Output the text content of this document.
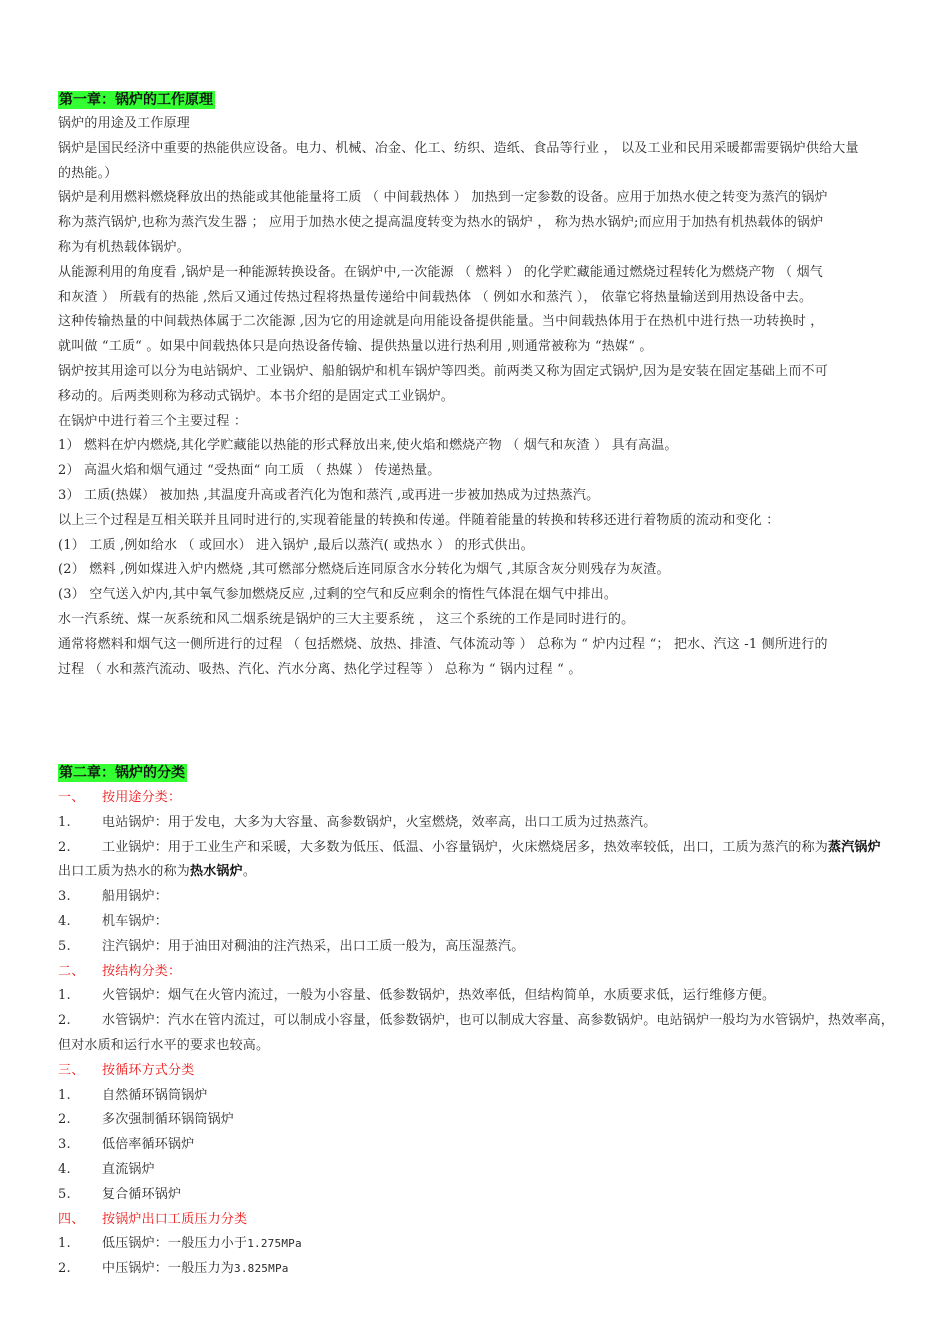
第一章：锅炉的工作原理
锅炉的用途及工作原理
锅炉是国民经济中重要的热能供应设备。电力、机械、冶金、化工、纺织、造纸、食品等行业 ， 以及工业和民用采暖都需要锅炉供给大量
的热能。）
锅炉是利用燃料燃烧释放出的热能或其他能量将工质 （ 中间载热体 ） 加热到一定参数的设备。应用于加热水使之转变为蒸汽的锅炉
称为蒸汽锅炉,也称为蒸汽发生器 ； 应用于加热水使之提高温度转变为热水的锅炉 ， 称为热水锅炉;而应用于加热有机热载体的锅炉
称为有机热载体锅炉。
从能源利用的角度看 ,锅炉是一种能源转换设备。在锅炉中,一次能源 （ 燃料 ） 的化学贮藏能通过燃烧过程转化为燃烧产物 （ 烟气
和灰渣 ） 所载有的热能 ,然后又通过传热过程将热量传递给中间载热体 （ 例如水和蒸汽 ）， 依靠它将热量输送到用热设备中去。
这种传输热量的中间载热体属于二次能源 ,因为它的用途就是向用能设备提供能量。当中间载热体用于在热机中进行热一功转换时 ，
就叫做 “工质“ 。如果中间载热体只是向热设备传输、提供热量以进行热利用 ,则通常被称为 “热媒“ 。
锅炉按其用途可以分为电站锅炉、工业锅炉、船舶锅炉和机车锅炉等四类。前两类又称为固定式锅炉,因为是安装在固定基础上而不可
移动的。后两类则称为移动式锅炉。本书介绍的是固定式工业锅炉。
在锅炉中进行着三个主要过程 ：
1） 燃料在炉内燃烧,其化学贮藏能以热能的形式释放出来,使火焰和燃烧产物 （ 烟气和灰渣 ） 具有高温。
2） 高温火焰和烟气通过 “受热面“ 向工质 （ 热媒 ） 传递热量。
3） 工质(热媒） 被加热 ,其温度升高或者汽化为饱和蒸汽 ,或再进一步被加热成为过热蒸汽。
以上三个过程是互相关联并且同时进行的,实现着能量的转换和传递。伴随着能量的转换和转移还进行着物质的流动和变化 ：
(1） 工质 ,例如给水 （ 或回水） 进入锅炉 ,最后以蒸汽( 或热水 ） 的形式供出。
(2） 燃料 ,例如煤进入炉内燃烧 ,其可燃部分燃烧后连同原含水分转化为烟气 ,其原含灰分则残存为灰渣。
(3） 空气送入炉内,其中氧气参加燃烧反应 ,过剩的空气和反应剩余的惰性气体混在烟气中排出。
水一汽系统、煤一灰系统和风二烟系统是锅炉的三大主要系统 ， 这三个系统的工作是同时进行的。
通常将燃料和烟气这一侧所进行的过程 （ 包括燃烧、放热、排渣、气体流动等 ） 总称为 “ 炉内过程 “； 把水、汽这 -1 侧所进行的
过程 （ 水和蒸汽流动、吸热、汽化、汽水分离、热化学过程等 ） 总称为 “ 锅内过程 “ 。
第二章：锅炉的分类
一、 按用途分类：
1. 电站锅炉：用于发电，大多为大容量、高参数锅炉，火室燃烧，效率高，出口工质为过热蒸汽。
2. 工业锅炉：用于工业生产和采暖，大多数为低压、低温、小容量锅炉，火床燃烧居多，热效率较低，出口，工质为蒸汽的称为蒸汽锅炉
出口工质为热水的称为热水锅炉。
3. 船用锅炉：
4. 机车锅炉：
5. 注汽锅炉：用于油田对稠油的注汽热采，出口工质一般为，高压湿蒸汽。
二、 按结构分类：
1. 火管锅炉：烟气在火管内流过，一般为小容量、低参数锅炉，热效率低，但结构简单，水质要求低，运行维修方便。
2. 水管锅炉：汽水在管内流过，可以制成小容量，低参数锅炉，也可以制成大容量、高参数锅炉。电站锅炉一般均为水管锅炉，热效率高，
但对水质和运行水平的要求也较高。
三、 按循环方式分类
1. 自然循环锅筒锅炉
2. 多次强制循环锅筒锅炉
3. 低倍率循环锅炉
4. 直流锅炉
5. 复合循环锅炉
四、 按锅炉出口工质压力分类
1. 低压锅炉：一般压力小于1.275MPa
2. 中压锅炉：一般压力为3.825MPa
